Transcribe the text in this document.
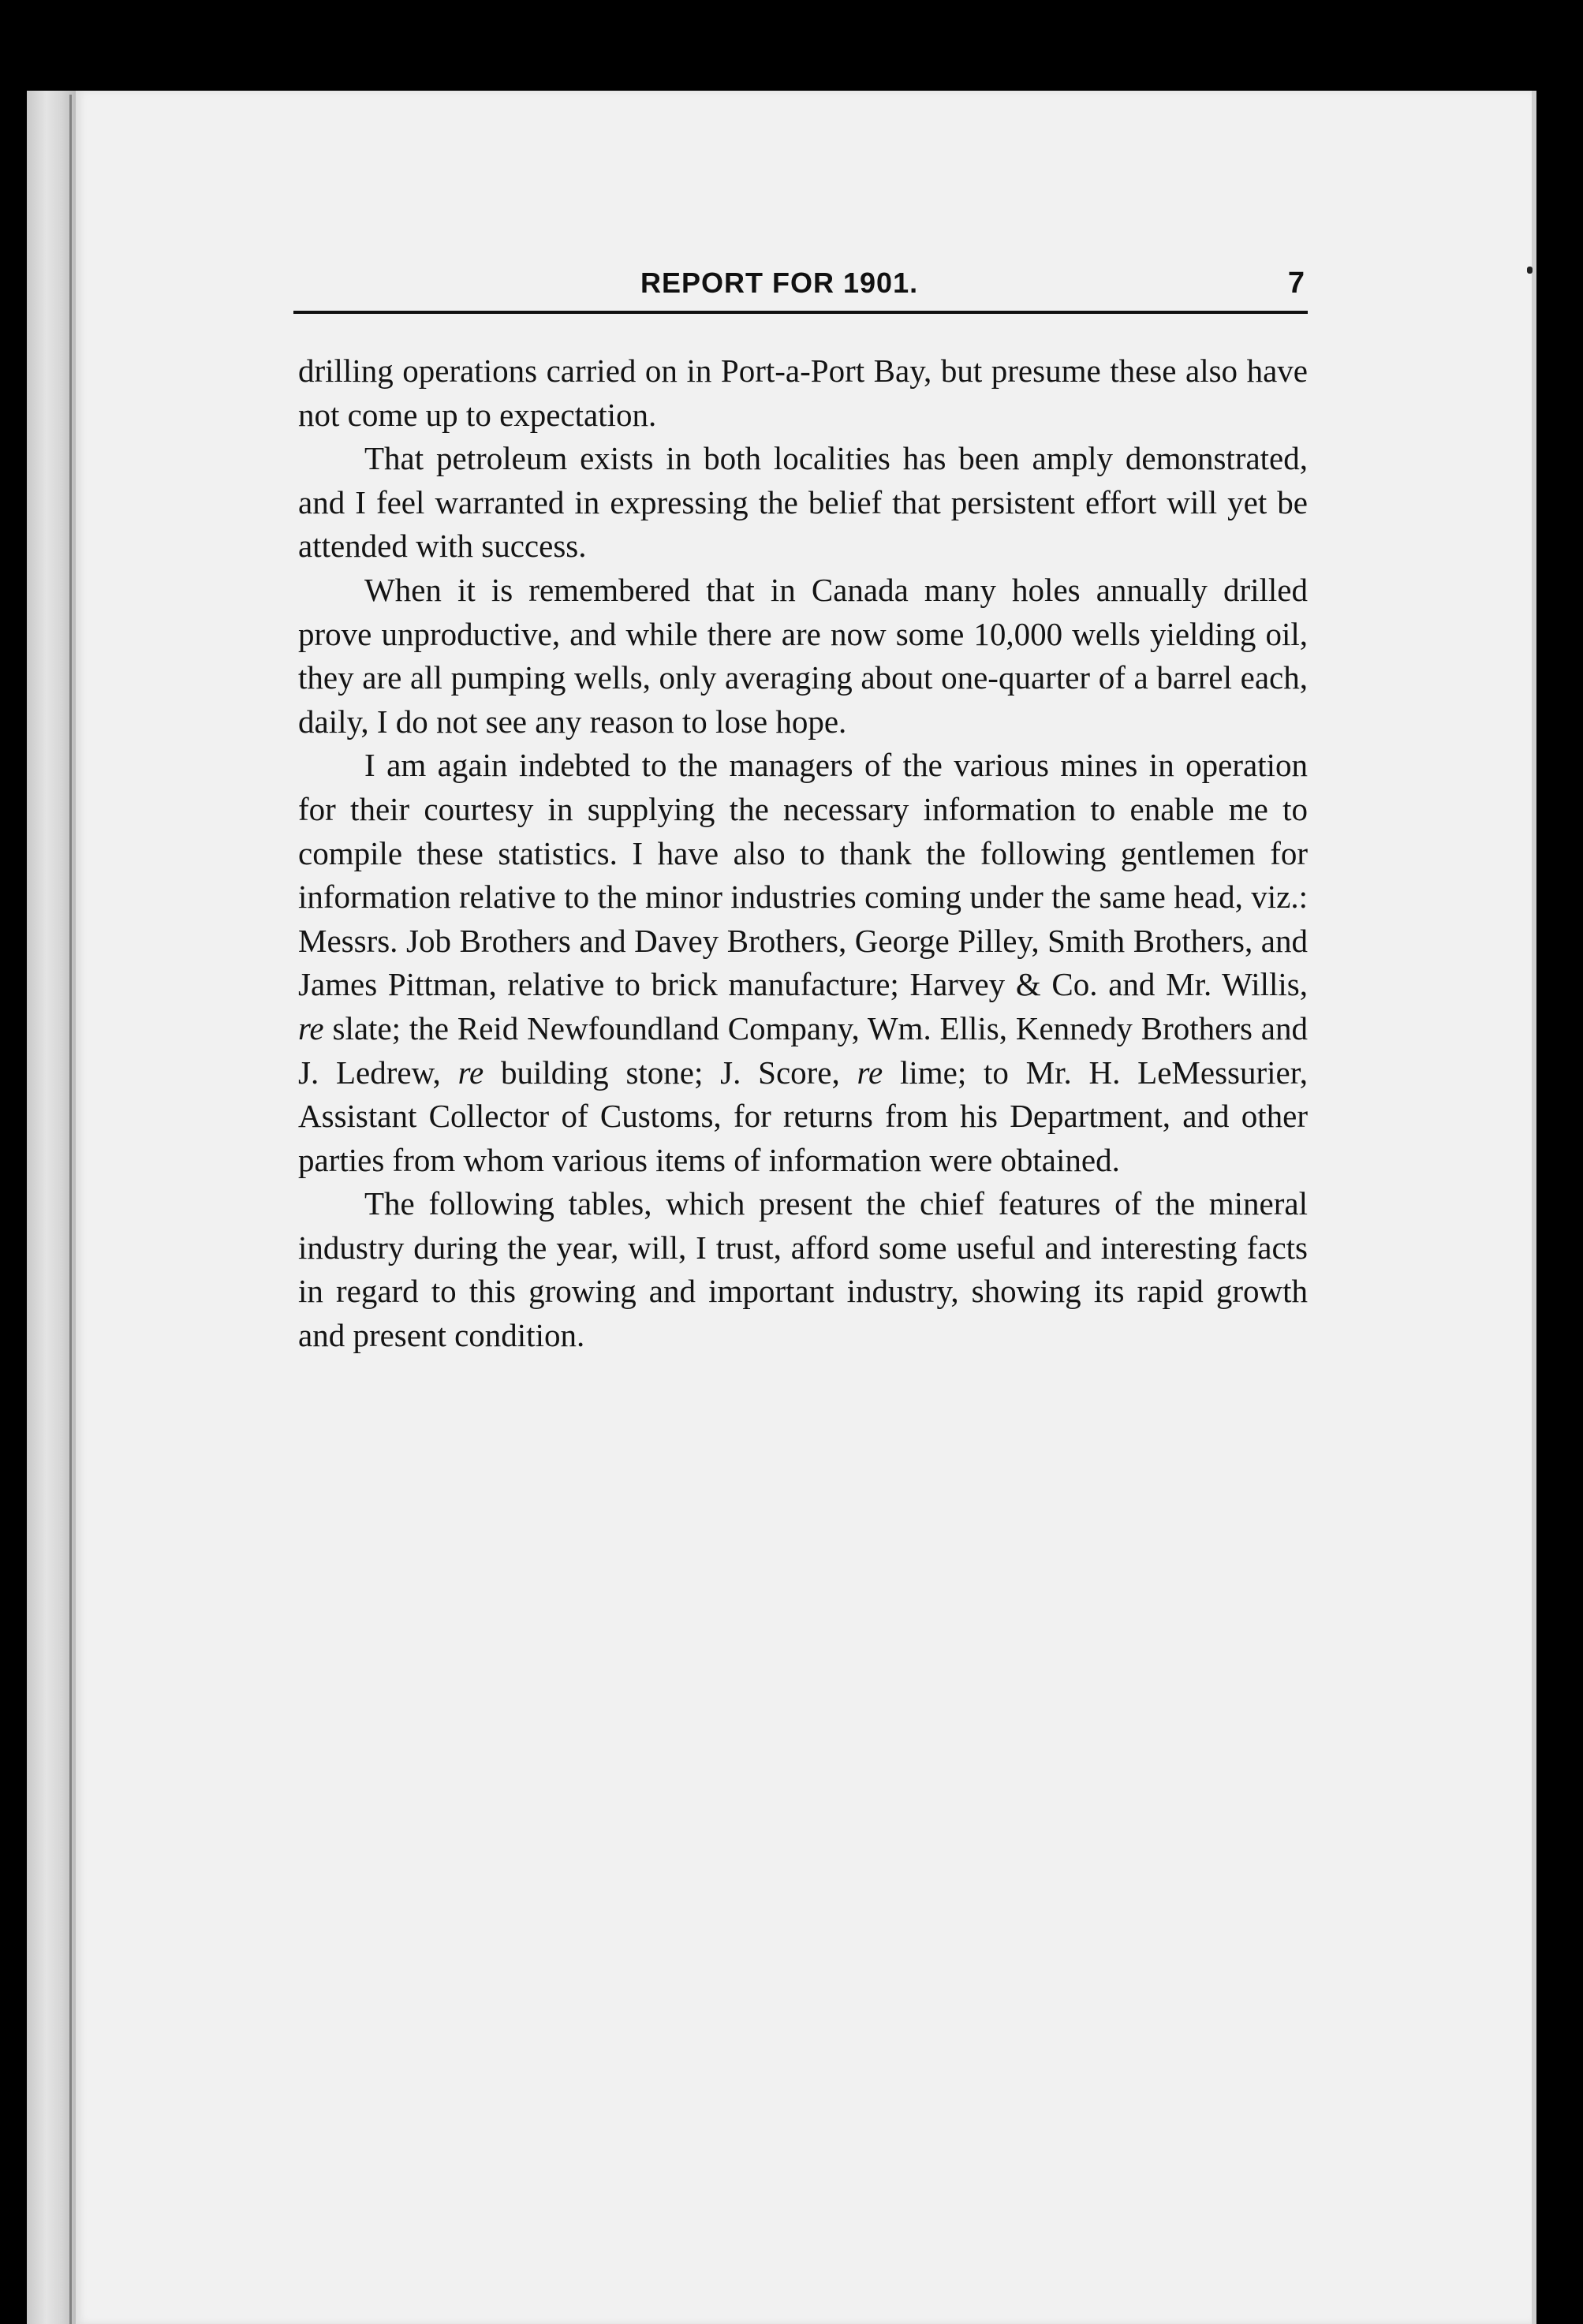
REPORT FOR 1901.	7

drilling operations carried on in Port-a-Port Bay, but presume these also have not come up to expectation.

That petroleum exists in both localities has been amply demonstrated, and I feel warranted in expressing the belief that persistent effort will yet be attended with success.

When it is remembered that in Canada many holes annually drilled prove unproductive, and while there are now some 10,000 wells yielding oil, they are all pumping wells, only averaging about one-quarter of a barrel each, daily, I do not see any reason to lose hope.

I am again indebted to the managers of the various mines in operation for their courtesy in supplying the necessary information to enable me to compile these statistics. I have also to thank the following gentlemen for information relative to the minor industries coming under the same head, viz.: Messrs. Job Brothers and Davey Brothers, George Pilley, Smith Brothers, and James Pittman, relative to brick manufacture; Harvey & Co. and Mr. Willis, re slate; the Reid Newfoundland Company, Wm. Ellis, Kennedy Brothers and J. Ledrew, re building stone; J. Score, re lime; to Mr. H. LeMessurier, Assistant Collector of Customs, for returns from his Department, and other parties from whom various items of information were obtained.

The following tables, which present the chief features of the mineral industry during the year, will, I trust, afford some useful and interesting facts in regard to this growing and important industry, showing its rapid growth and present condition.
